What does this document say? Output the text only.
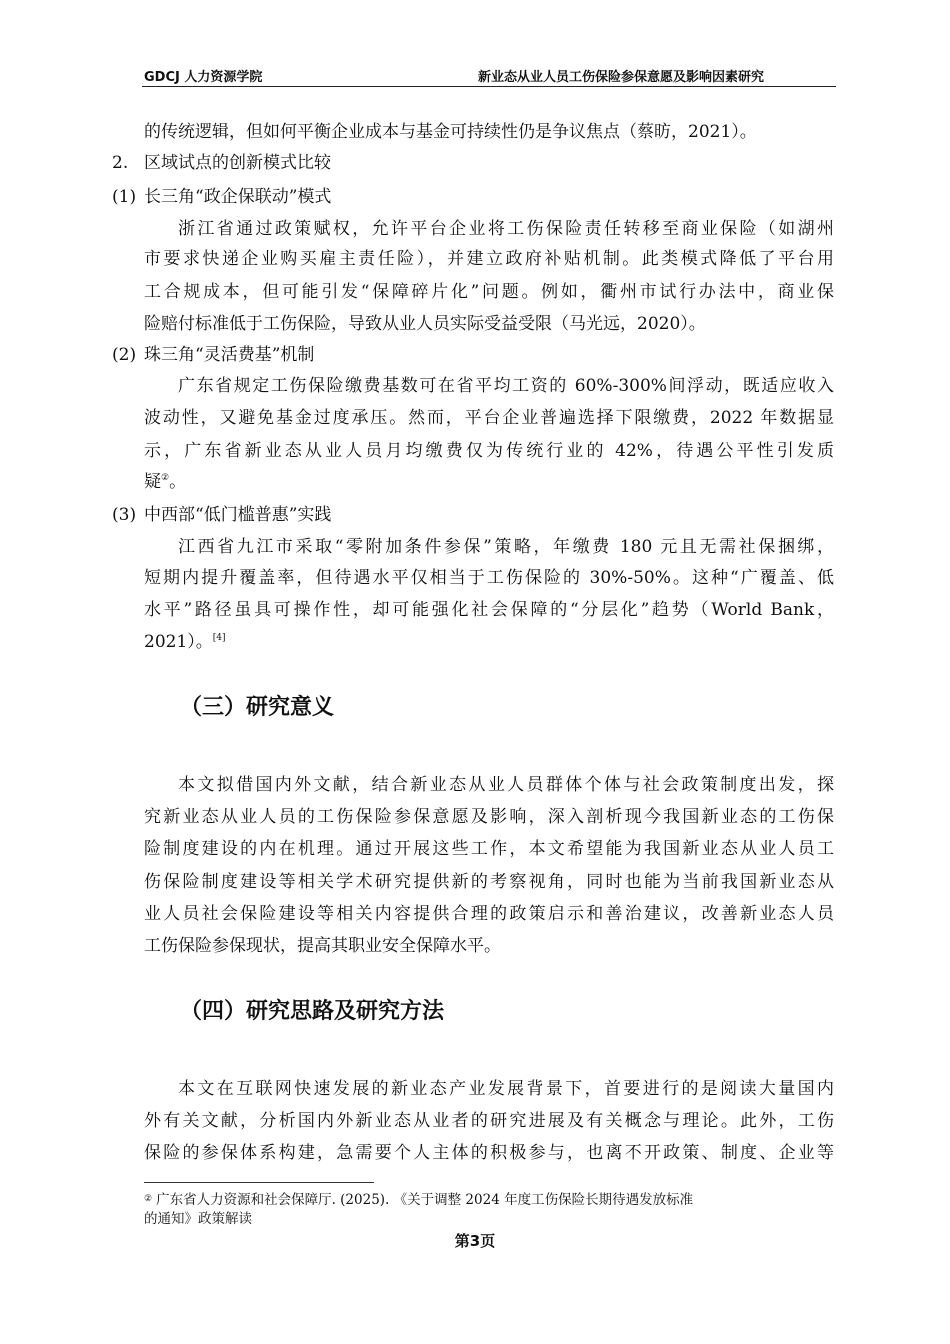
GDCJ 人力资源学院	新业态从业人员工伤保险参保意愿及影响因素研究
的传统逻辑，但如何平衡企业成本与基金可持续性仍是争议焦点（蔡昉，2021）。
2. 区域试点的创新模式比较
(1) 长三角“政企保联动”模式
浙江省通过政策赋权，允许平台企业将工伤保险责任转移至商业保险（如湖州
市要求快递企业购买雇主责任险），并建立政府补贴机制。此类模式降低了平台用
工合规成本，但可能引发“保障碎片化”问题。例如，衢州市试行办法中，商业保
险赔付标准低于工伤保险，导致从业人员实际受益受限（马光远，2020）。
(2) 珠三角“灵活费基”机制
广东省规定工伤保险缴费基数可在省平均工资的 60%-300%间浮动，既适应收入
波动性，又避免基金过度承压。然而，平台企业普遍选择下限缴费，2022 年数据显
示，广东省新业态从业人员月均缴费仅为传统行业的 42%，待遇公平性引发质
疑②。
(3) 中西部“低门槛普惠”实践
江西省九江市采取“零附加条件参保”策略，年缴费 180 元且无需社保捆绑，
短期内提升覆盖率，但待遇水平仅相当于工伤保险的 30%-50%。这种“广覆盖、低
水平”路径虽具可操作性，却可能强化社会保障的“分层化”趋势（World Bank，
2021）。[4]
（三）研究意义
本文拟借国内外文献，结合新业态从业人员群体个体与社会政策制度出发，探
究新业态从业人员的工伤保险参保意愿及影响，深入剖析现今我国新业态的工伤保
险制度建设的内在机理。通过开展这些工作，本文希望能为我国新业态从业人员工
伤保险制度建设等相关学术研究提供新的考察视角，同时也能为当前我国新业态从
业人员社会保险建设等相关内容提供合理的政策启示和善治建议，改善新业态人员
工伤保险参保现状，提高其职业安全保障水平。
（四）研究思路及研究方法
本文在互联网快速发展的新业态产业发展背景下，首要进行的是阅读大量国内
外有关文献，分析国内外新业态从业者的研究进展及有关概念与理论。此外，工伤
保险的参保体系构建，急需要个人主体的积极参与，也离不开政策、制度、企业等
② 广东省人力资源和社会保障厅. (2025). 《关于调整 2024 年度工伤保险长期待遇发放标准
的通知》政策解读
第3页
